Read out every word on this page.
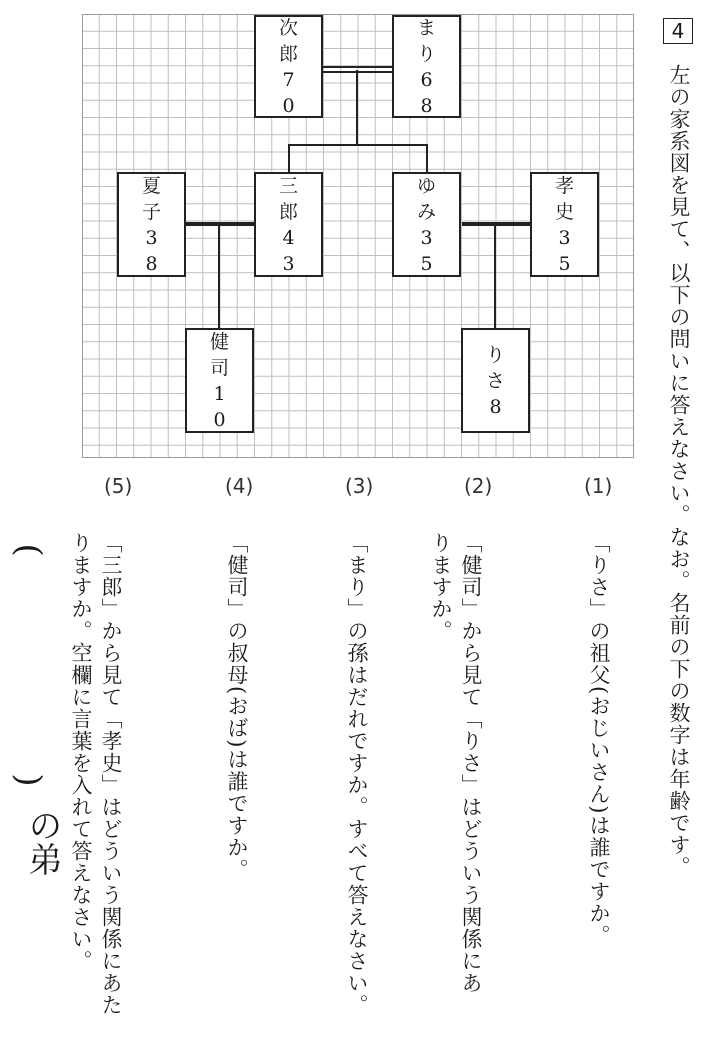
次
郎
7
0
ま
り
6
8
夏
子
3
8
三
郎
4
3
ゆ
み
3
5
孝
史
3
5
健
司
1
0
り
さ
8
4
左の家系図を見て、以下の問いに答えなさい。なお。名前の下の数字は年齢です。
(1)
(2)
(3)
(4)
(5)
「りさ」の祖父(おじいさん)は誰ですか。
「健司」から見て「りさ」はどういう関係にあ
りますか。
「まり」の孫はだれですか。すべて答えなさい。
「健司」の叔母(おば)は誰ですか。
「三郎」から見て「孝史」はどういう関係にあた
りますか。空欄に言葉を入れて答えなさい。
(
)
の弟
